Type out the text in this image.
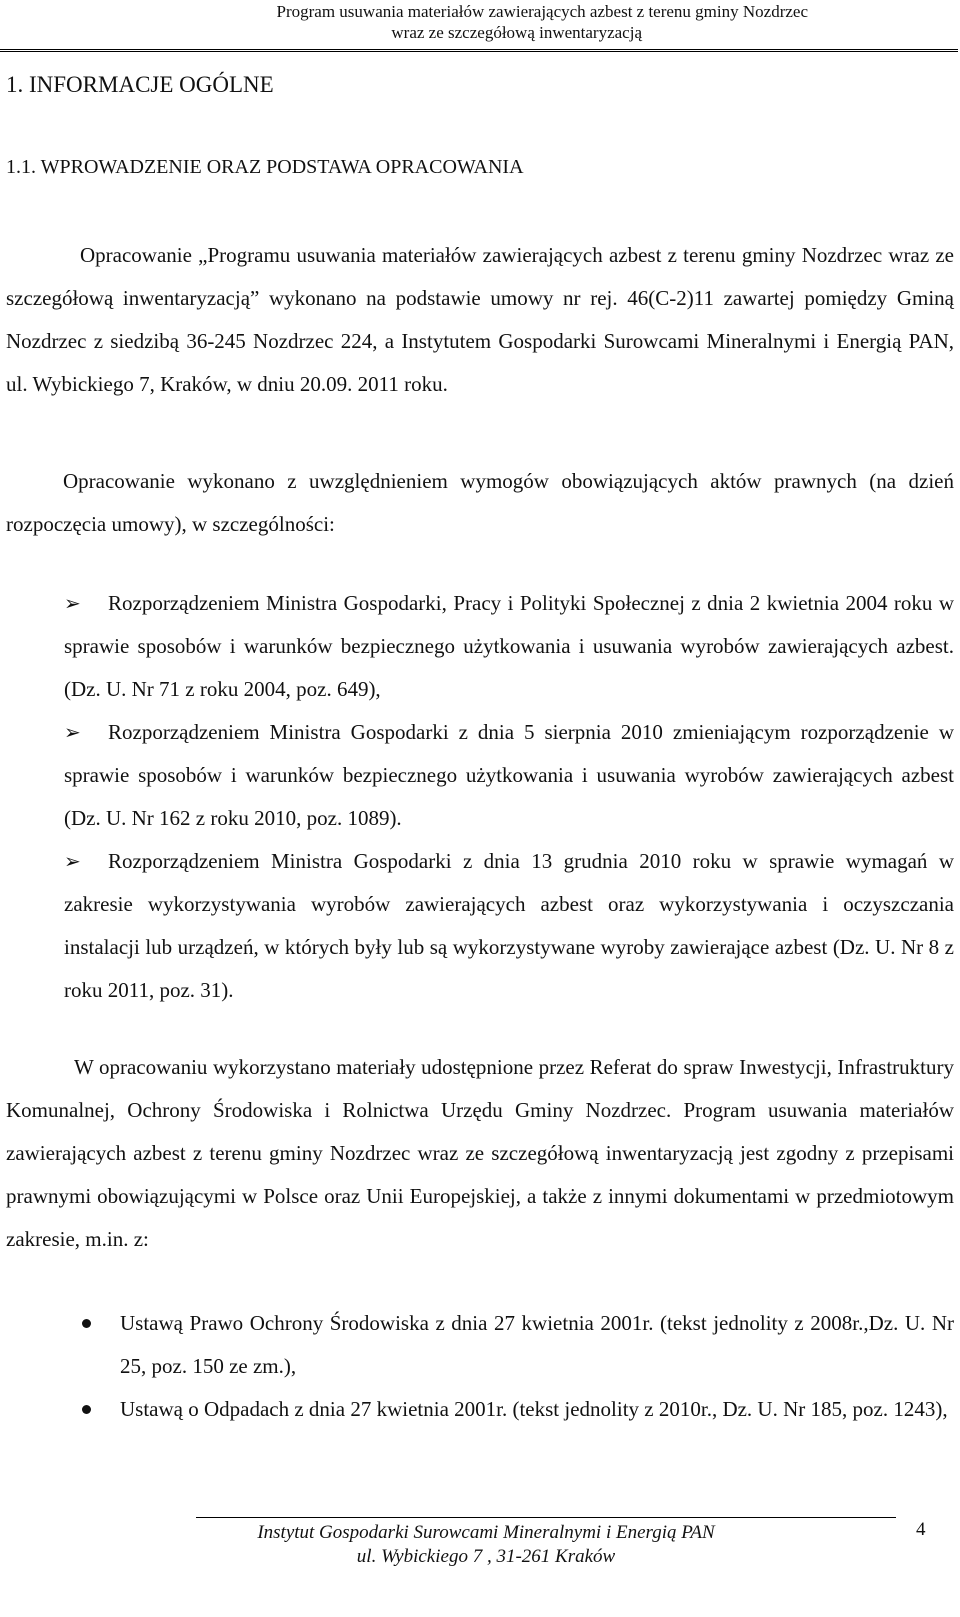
Program usuwania materiałów zawierających azbest z terenu gminy Nozdrzec
wraz ze szczegółową inwentaryzacją
1. INFORMACJE OGÓLNE
1.1. WPROWADZENIE ORAZ PODSTAWA OPRACOWANIA
Opracowanie „Programu usuwania materiałów zawierających azbest z terenu gminy Nozdrzec wraz ze szczegółową inwentaryzacją” wykonano na podstawie umowy nr rej. 46(C-2)11 zawartej pomiędzy Gminą Nozdrzec z siedzibą 36-245 Nozdrzec 224, a Instytutem Gospodarki Surowcami Mineralnymi i Energią PAN, ul. Wybickiego 7, Kraków, w dniu 20.09. 2011 roku.
Opracowanie wykonano z uwzględnieniem wymogów obowiązujących aktów prawnych (na dzień rozpoczęcia umowy), w szczególności:
➢ Rozporządzeniem Ministra Gospodarki, Pracy i Polityki Społecznej z dnia 2 kwietnia 2004 roku w sprawie sposobów i warunków bezpiecznego użytkowania i usuwania wyrobów zawierających azbest. (Dz. U. Nr 71 z roku 2004, poz. 649),
➢ Rozporządzeniem Ministra Gospodarki z dnia 5 sierpnia 2010 zmieniającym rozporządzenie w sprawie sposobów i warunków bezpiecznego użytkowania i usuwania wyrobów zawierających azbest (Dz. U. Nr 162 z roku 2010, poz. 1089).
➢ Rozporządzeniem Ministra Gospodarki z dnia 13 grudnia 2010 roku w sprawie wymagań w zakresie wykorzystywania wyrobów zawierających azbest oraz wykorzystywania i oczyszczania instalacji lub urządzeń, w których były lub są wykorzystywane wyroby zawierające azbest (Dz. U. Nr 8 z roku 2011, poz. 31).
W opracowaniu wykorzystano materiały udostępnione przez Referat do spraw Inwestycji, Infrastruktury Komunalnej, Ochrony Środowiska i Rolnictwa Urzędu Gminy Nozdrzec. Program usuwania materiałów zawierających azbest z terenu gminy Nozdrzec wraz ze szczegółową inwentaryzacją jest zgodny z przepisami prawnymi obowiązującymi w Polsce oraz Unii Europejskiej, a także z innymi dokumentami w przedmiotowym zakresie, m.in. z:
Ustawą Prawo Ochrony Środowiska z dnia 27 kwietnia 2001r. (tekst jednolity z 2008r.,Dz. U. Nr 25, poz. 150 ze zm.),
Ustawą o Odpadach z dnia 27 kwietnia 2001r. (tekst jednolity z 2010r., Dz. U. Nr 185, poz. 1243),
Instytut Gospodarki Surowcami Mineralnymi i Energią PAN
ul. Wybickiego 7 , 31-261 Kraków
4
